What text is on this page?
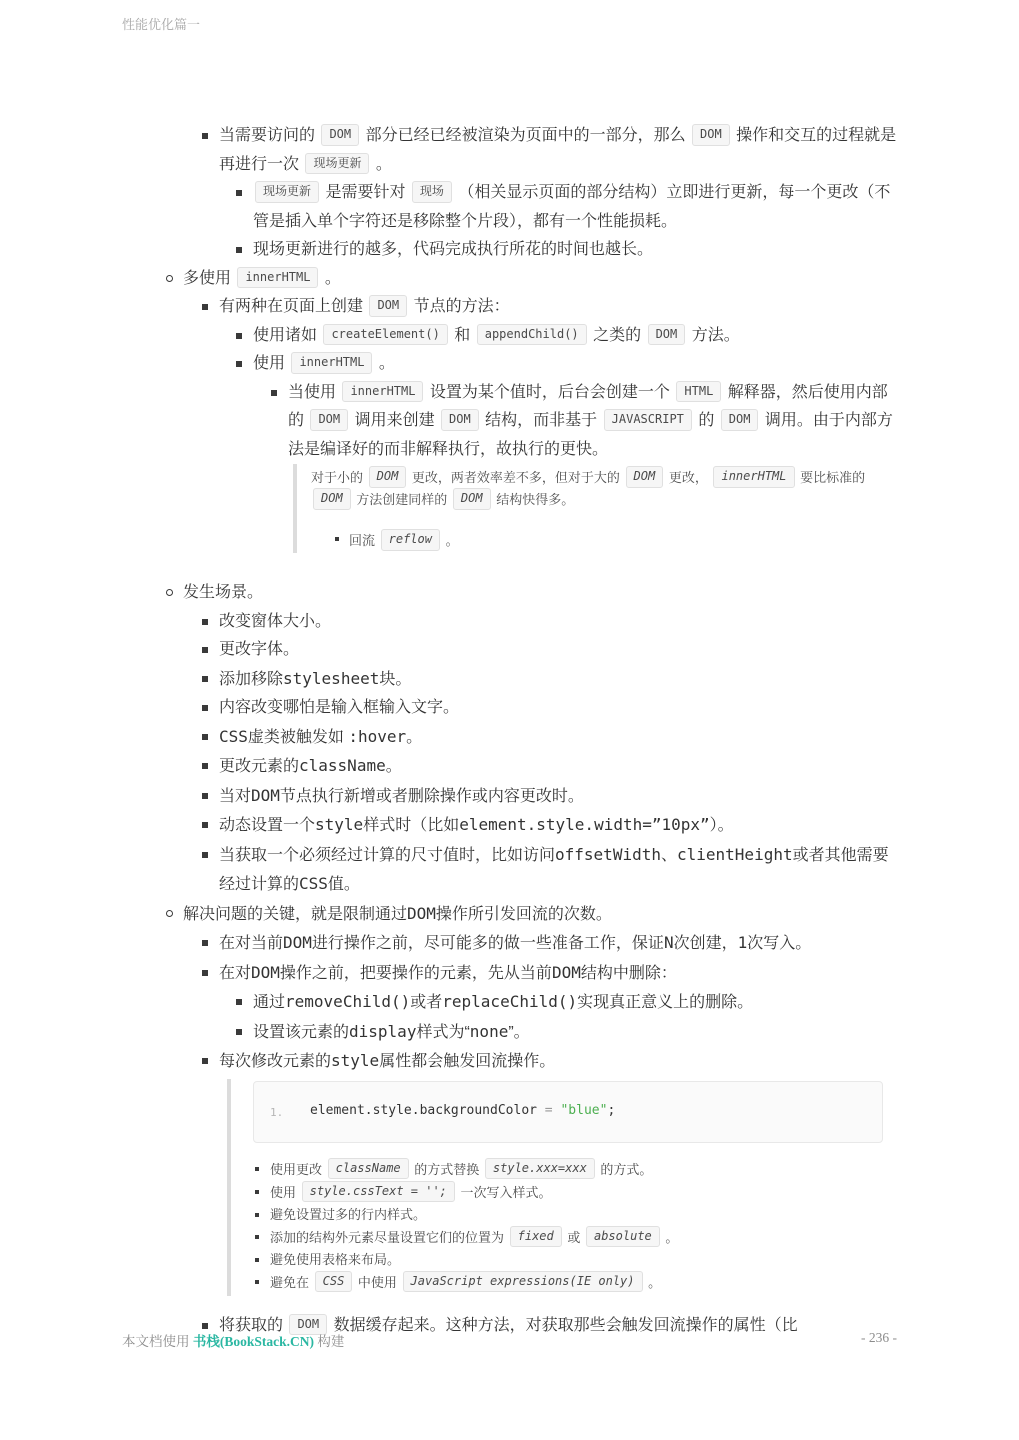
性能优化篇一
当需要访问的 DOM 部分已经已经被渲染为页面中的一部分，那么 DOM 操作和交互的过程就是再进行一次 现场更新 。
现场更新 是需要针对 现场 （相关显示页面的部分结构）立即进行更新，每一个更改（不管是插入单个字符还是移除整个片段），都有一个性能损耗。
现场更新进行的越多，代码完成执行所花的时间也越长。
多使用 innerHTML 。
有两种在页面上创建 DOM 节点的方法：
使用诸如 createElement() 和 appendChild() 之类的 DOM 方法。
使用 innerHTML 。
当使用 innerHTML 设置为某个值时，后台会创建一个 HTML 解释器，然后使用内部的 DOM 调用来创建 DOM 结构，而非基于 JAVASCRIPT 的 DOM 调用。由于内部方法是编译好的而非解释执行，故执行的更快。
对于小的 DOM 更改，两者效率差不多，但对于大的 DOM 更改， innerHTML 要比标准的 DOM 方法创建同样的 DOM 结构快得多。
回流 reflow 。
发生场景。
改变窗体大小。
更改字体。
添加移除stylesheet块。
内容改变哪怕是输入框输入文字。
CSS虚类被触发如 :hover。
更改元素的className。
当对DOM节点执行新增或者删除操作或内容更改时。
动态设置一个style样式时（比如element.style.width=”10px”）。
当获取一个必须经过计算的尺寸值时，比如访问offsetWidth、clientHeight或者其他需要经过计算的CSS值。
解决问题的关键，就是限制通过DOM操作所引发回流的次数。
在对当前DOM进行操作之前，尽可能多的做一些准备工作，保证N次创建，1次写入。
在对DOM操作之前，把要操作的元素，先从当前DOM结构中删除：
通过removeChild()或者replaceChild()实现真正意义上的删除。
设置该元素的display样式为“none”。
每次修改元素的style属性都会触发回流操作。
1.	element.style.backgroundColor = "blue";
使用更改 className 的方式替换 style.xxx=xxx 的方式。
使用 style.cssText = ''; 一次写入样式。
避免设置过多的行内样式。
添加的结构外元素尽量设置它们的位置为 fixed 或 absolute 。
避免使用表格来布局。
避免在 CSS 中使用 JavaScript expressions(IE only) 。
将获取的 DOM 数据缓存起来。这种方法，对获取那些会触发回流操作的属性（比
本文档使用 书栈(BookStack.CN) 构建	- 236 -
